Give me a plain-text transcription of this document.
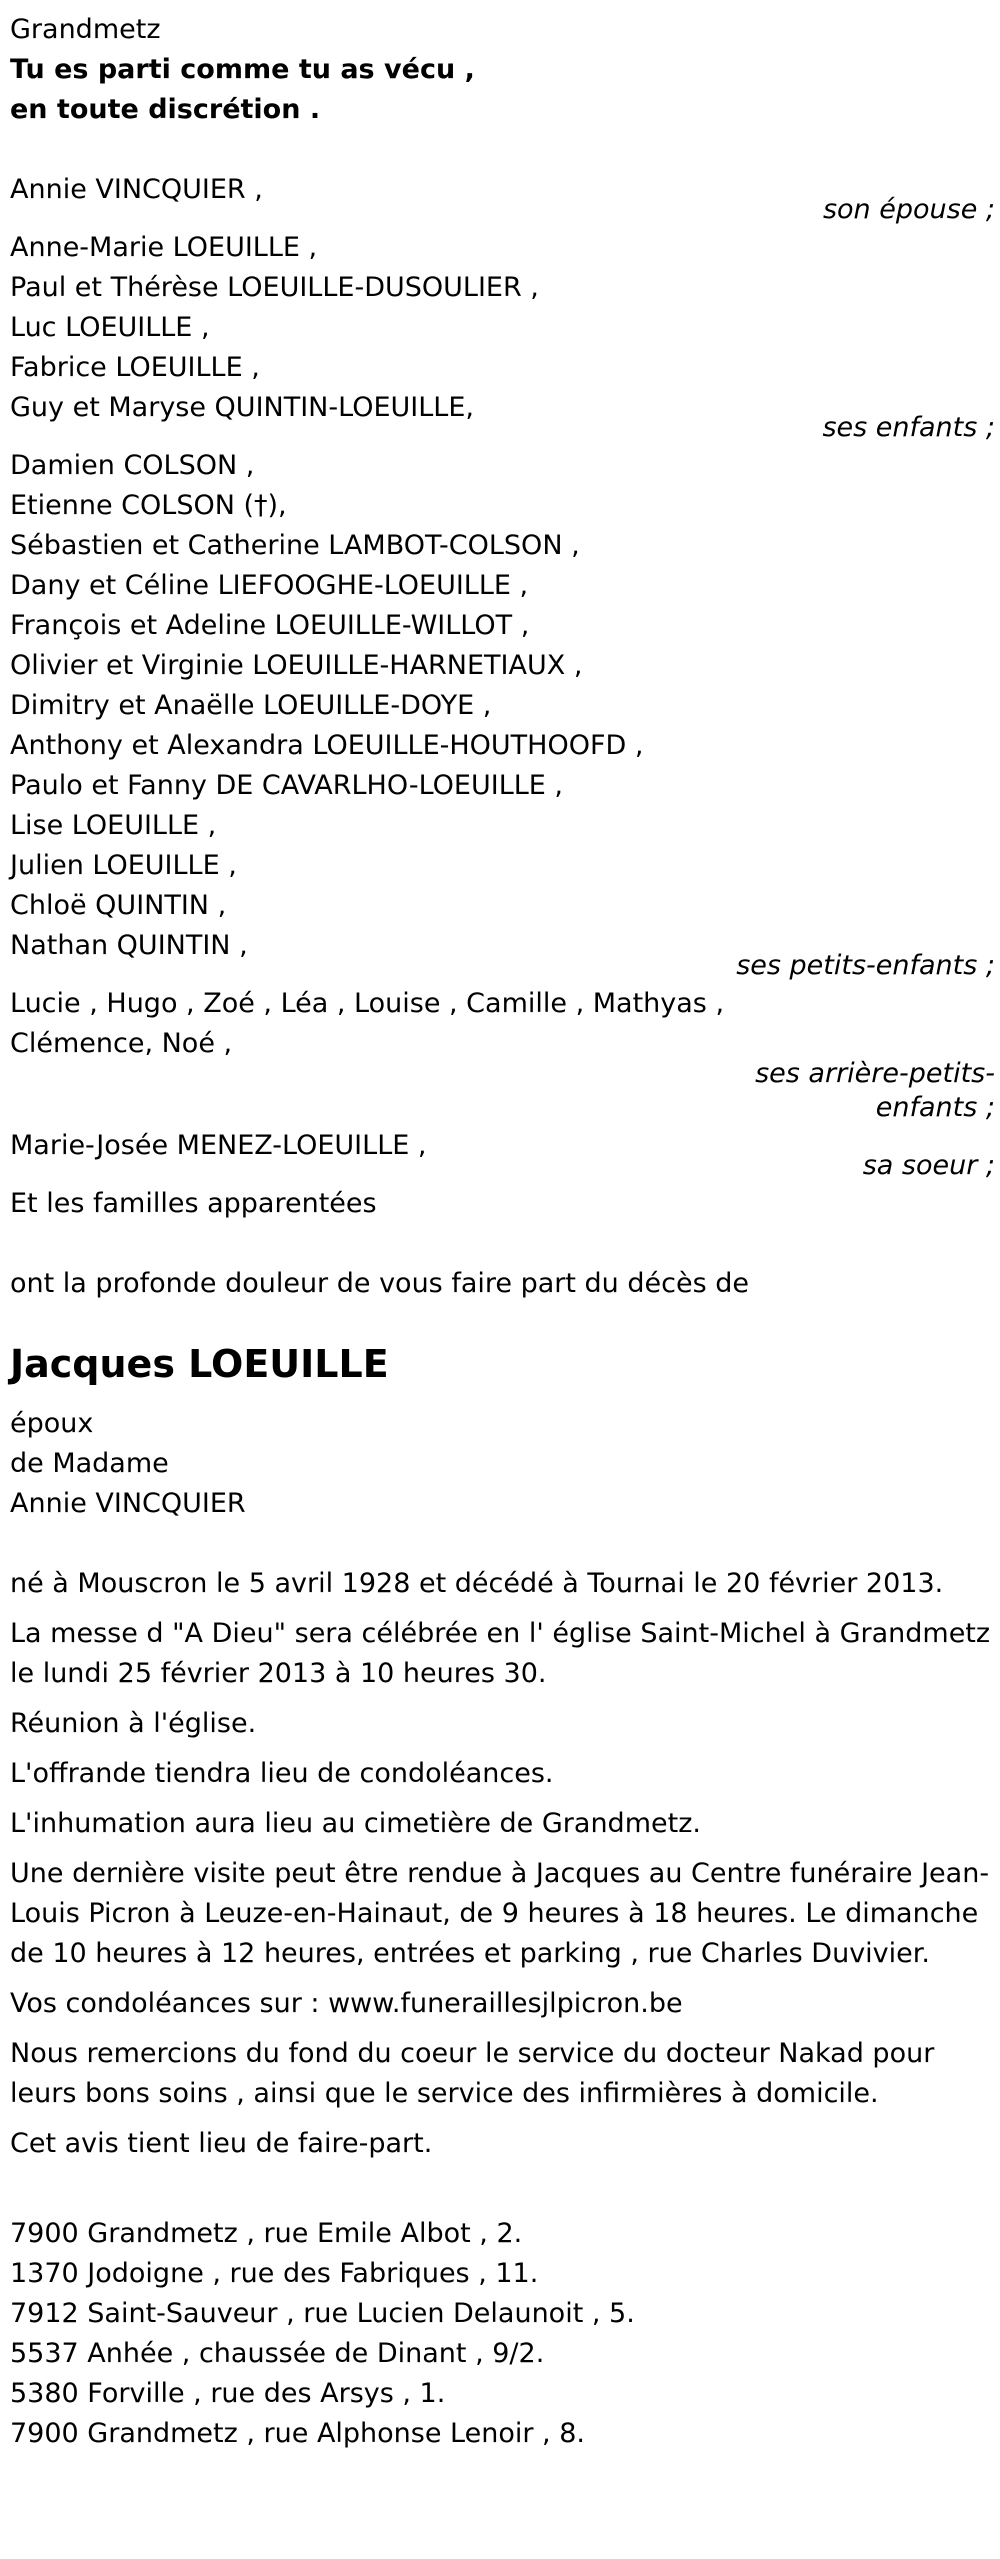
Grandmetz
Tu es parti comme tu as vécu ,
en toute discrétion .
Annie VINCQUIER ,
son épouse ;
Anne-Marie LOEUILLE ,
Paul et Thérèse LOEUILLE-DUSOULIER ,
Luc LOEUILLE ,
Fabrice LOEUILLE ,
Guy et Maryse QUINTIN-LOEUILLE,
ses enfants ;
Damien COLSON ,
Etienne COLSON (†),
Sébastien et Catherine LAMBOT-COLSON ,
Dany et Céline LIEFOOGHE-LOEUILLE ,
François et Adeline LOEUILLE-WILLOT ,
Olivier et Virginie LOEUILLE-HARNETIAUX ,
Dimitry et Anaëlle LOEUILLE-DOYE ,
Anthony et Alexandra LOEUILLE-HOUTHOOFD ,
Paulo et Fanny DE CAVARLHO-LOEUILLE ,
Lise LOEUILLE ,
Julien LOEUILLE ,
Chloë QUINTIN ,
Nathan QUINTIN ,
ses petits-enfants ;
Lucie , Hugo , Zoé , Léa , Louise , Camille , Mathyas ,
Clémence, Noé ,
ses arrière-petits-
enfants ;
Marie-Josée MENEZ-LOEUILLE ,
sa soeur ;
Et les familles apparentées
ont la profonde douleur de vous faire part du décès de
Jacques LOEUILLE
époux
de Madame
Annie VINCQUIER
né à Mouscron le 5 avril 1928 et décédé à Tournai le 20 février 2013.
La messe d "A Dieu" sera célébrée en l' église Saint-Michel à Grandmetz le lundi 25 février 2013 à 10 heures 30.
Réunion à l'église.
L'offrande tiendra lieu de condoléances.
L'inhumation aura lieu au cimetière de Grandmetz.
Une dernière visite peut être rendue à Jacques au Centre funéraire Jean-Louis Picron à Leuze-en-Hainaut, de 9 heures à 18 heures. Le dimanche de 10 heures à 12 heures, entrées et parking , rue Charles Duvivier.
Vos condoléances sur : www.funeraillesjlpicron.be
Nous remercions du fond du coeur le service du docteur Nakad pour leurs bons soins , ainsi que le service des infirmières à domicile.
Cet avis tient lieu de faire-part.
7900 Grandmetz , rue Emile Albot , 2.
1370 Jodoigne , rue des Fabriques , 11.
7912 Saint-Sauveur , rue Lucien Delaunoit , 5.
5537 Anhée , chaussée de Dinant , 9/2.
5380 Forville , rue des Arsys , 1.
7900 Grandmetz , rue Alphonse Lenoir , 8.
